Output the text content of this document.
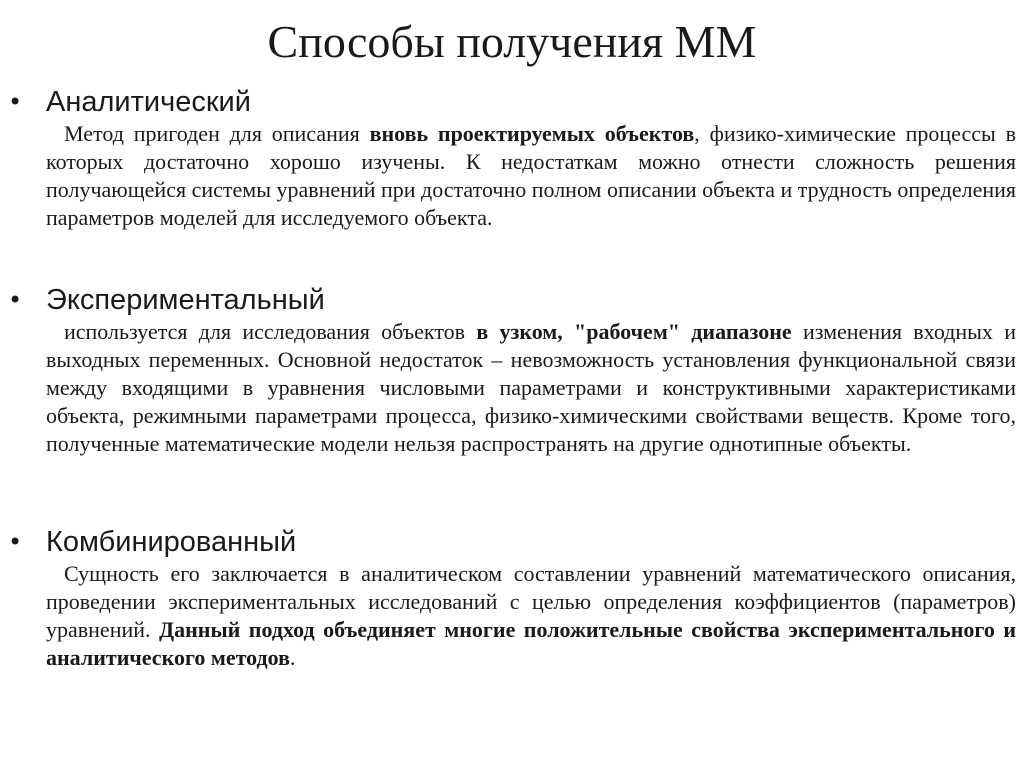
Способы получения ММ
• Аналитический
Метод пригоден для описания вновь проектируемых объектов, физико-химические процессы в которых достаточно хорошо изучены. К недостаткам можно отнести сложность решения получающейся системы уравнений при достаточно полном описании объекта и трудность определения параметров моделей для исследуемого объекта.
• Экспериментальный
используется для исследования объектов в узком, "рабочем" диапазоне изменения входных и выходных переменных. Основной недостаток – невозможность установления функциональной связи между входящими в уравнения числовыми параметрами и конструктивными характеристиками объекта, режимными параметрами процесса, физико-химическими свойствами веществ. Кроме того, полученные математические модели нельзя распространять на другие однотипные объекты.
• Комбинированный
Сущность его заключается в аналитическом составлении уравнений математического описания, проведении экспериментальных исследований с целью определения коэффициентов (параметров) уравнений. Данный подход объединяет многие положительные свойства экспериментального и аналитического методов.
